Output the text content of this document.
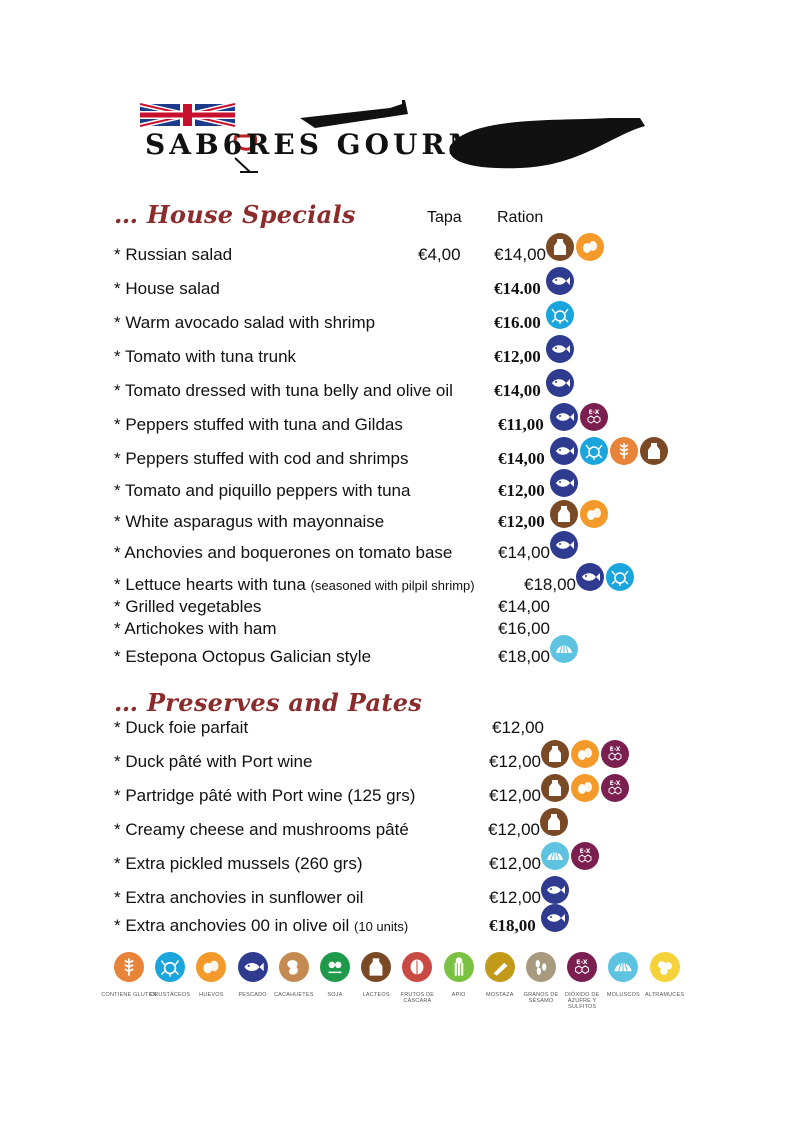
SAB6RES GOURMET
… House Specials	Tapa Ration
* Russian salad	€4,00 €14,00
* House salad	€14.00
* Warm avocado salad with shrimp	€16.00
* Tomato with tuna trunk	€12,00
* Tomato dressed with tuna belly and olive oil €14,00
* Peppers stuffed with tuna and Gildas	€11,00
E-X
* Peppers stuffed with cod and shrimps	€14,00
* Tomato and piquillo peppers with tuna	€12,00
* White asparagus with mayonnaise	€12,00
* Anchovies and boquerones on tomato base	€14,00
* Lettuce hearts with tuna (seasoned with pilpil shrimp)	€18,00
* Grilled vegetables	€14,00
* Artichokes with ham	€16,00
* Estepona Octopus Galician style	€18,00
… Preserves and Pates
* Duck foie parfait	€12,00
* Duck pâté with Port wine	€12,00
E-X
* Partridge pâté with Port wine (125 grs)	€12,00
E-X
* Creamy cheese and mushrooms pâté	€12,00
* Extra pickled mussels (260 grs)	€12,00
E-X
* Extra anchovies in sunflower oil	€12,00
* Extra anchovies 00 in olive oil (10 units)	€18,00
CONTIENE GLUTEN
CRUSTÁCEOS	HUEVOS	PESCADO	CACAHUETES	SOJA	LACTEOS	FRUTOS DE CÁSCARA
APIO	MOSTAZA	GRANOS DE SÉSAMO
E-X
DIÓXIDO DE AZUFRE Y SULFITOS
MOLUSCOS ALTRAMUCES
